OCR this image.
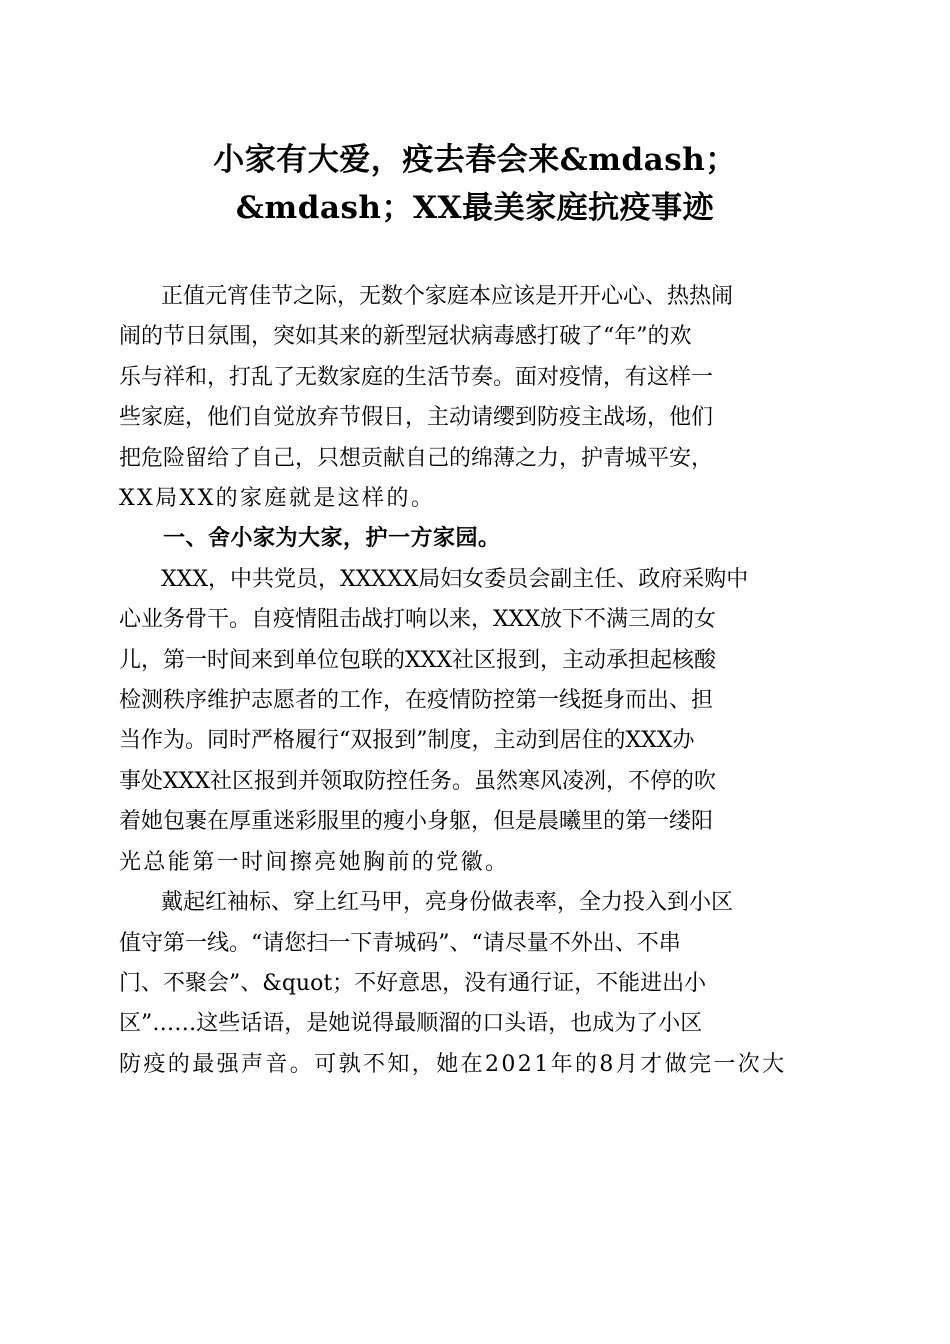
小家有大爱，疫去春会来&mdash；
&mdash；XX最美家庭抗疫事迹
正值元宵佳节之际，无数个家庭本应该是开开心心、热热闹
闹的节日氛围，突如其来的新型冠状病毒感打破了“年”的欢
乐与祥和，打乱了无数家庭的生活节奏。面对疫情，有这样一
些家庭，他们自觉放弃节假日，主动请缨到防疫主战场，他们
把危险留给了自己，只想贡献自己的绵薄之力，护青城平安，
XX局XX的家庭就是这样的。
一、舍小家为大家，护一方家园。
XXX，中共党员，XXXXX局妇女委员会副主任、政府采购中
心业务骨干。自疫情阻击战打响以来，XXX放下不满三周的女
儿，第一时间来到单位包联的XXX社区报到，主动承担起核酸
检测秩序维护志愿者的工作，在疫情防控第一线挺身而出、担
当作为。同时严格履行“双报到”制度，主动到居住的XXX办
事处XXX社区报到并领取防控任务。虽然寒风凌冽，不停的吹
着她包裹在厚重迷彩服里的瘦小身躯，但是晨曦里的第一缕阳
光总能第一时间擦亮她胸前的党徽。
戴起红袖标、穿上红马甲，亮身份做表率，全力投入到小区
值守第一线。“请您扫一下青城码”、“请尽量不外出、不串
门、不聚会”、&quot；不好意思，没有通行证，不能进出小
区”……这些话语，是她说得最顺溜的口头语，也成为了小区
防疫的最强声音。可孰不知，她在2021年的8月才做完一次大
